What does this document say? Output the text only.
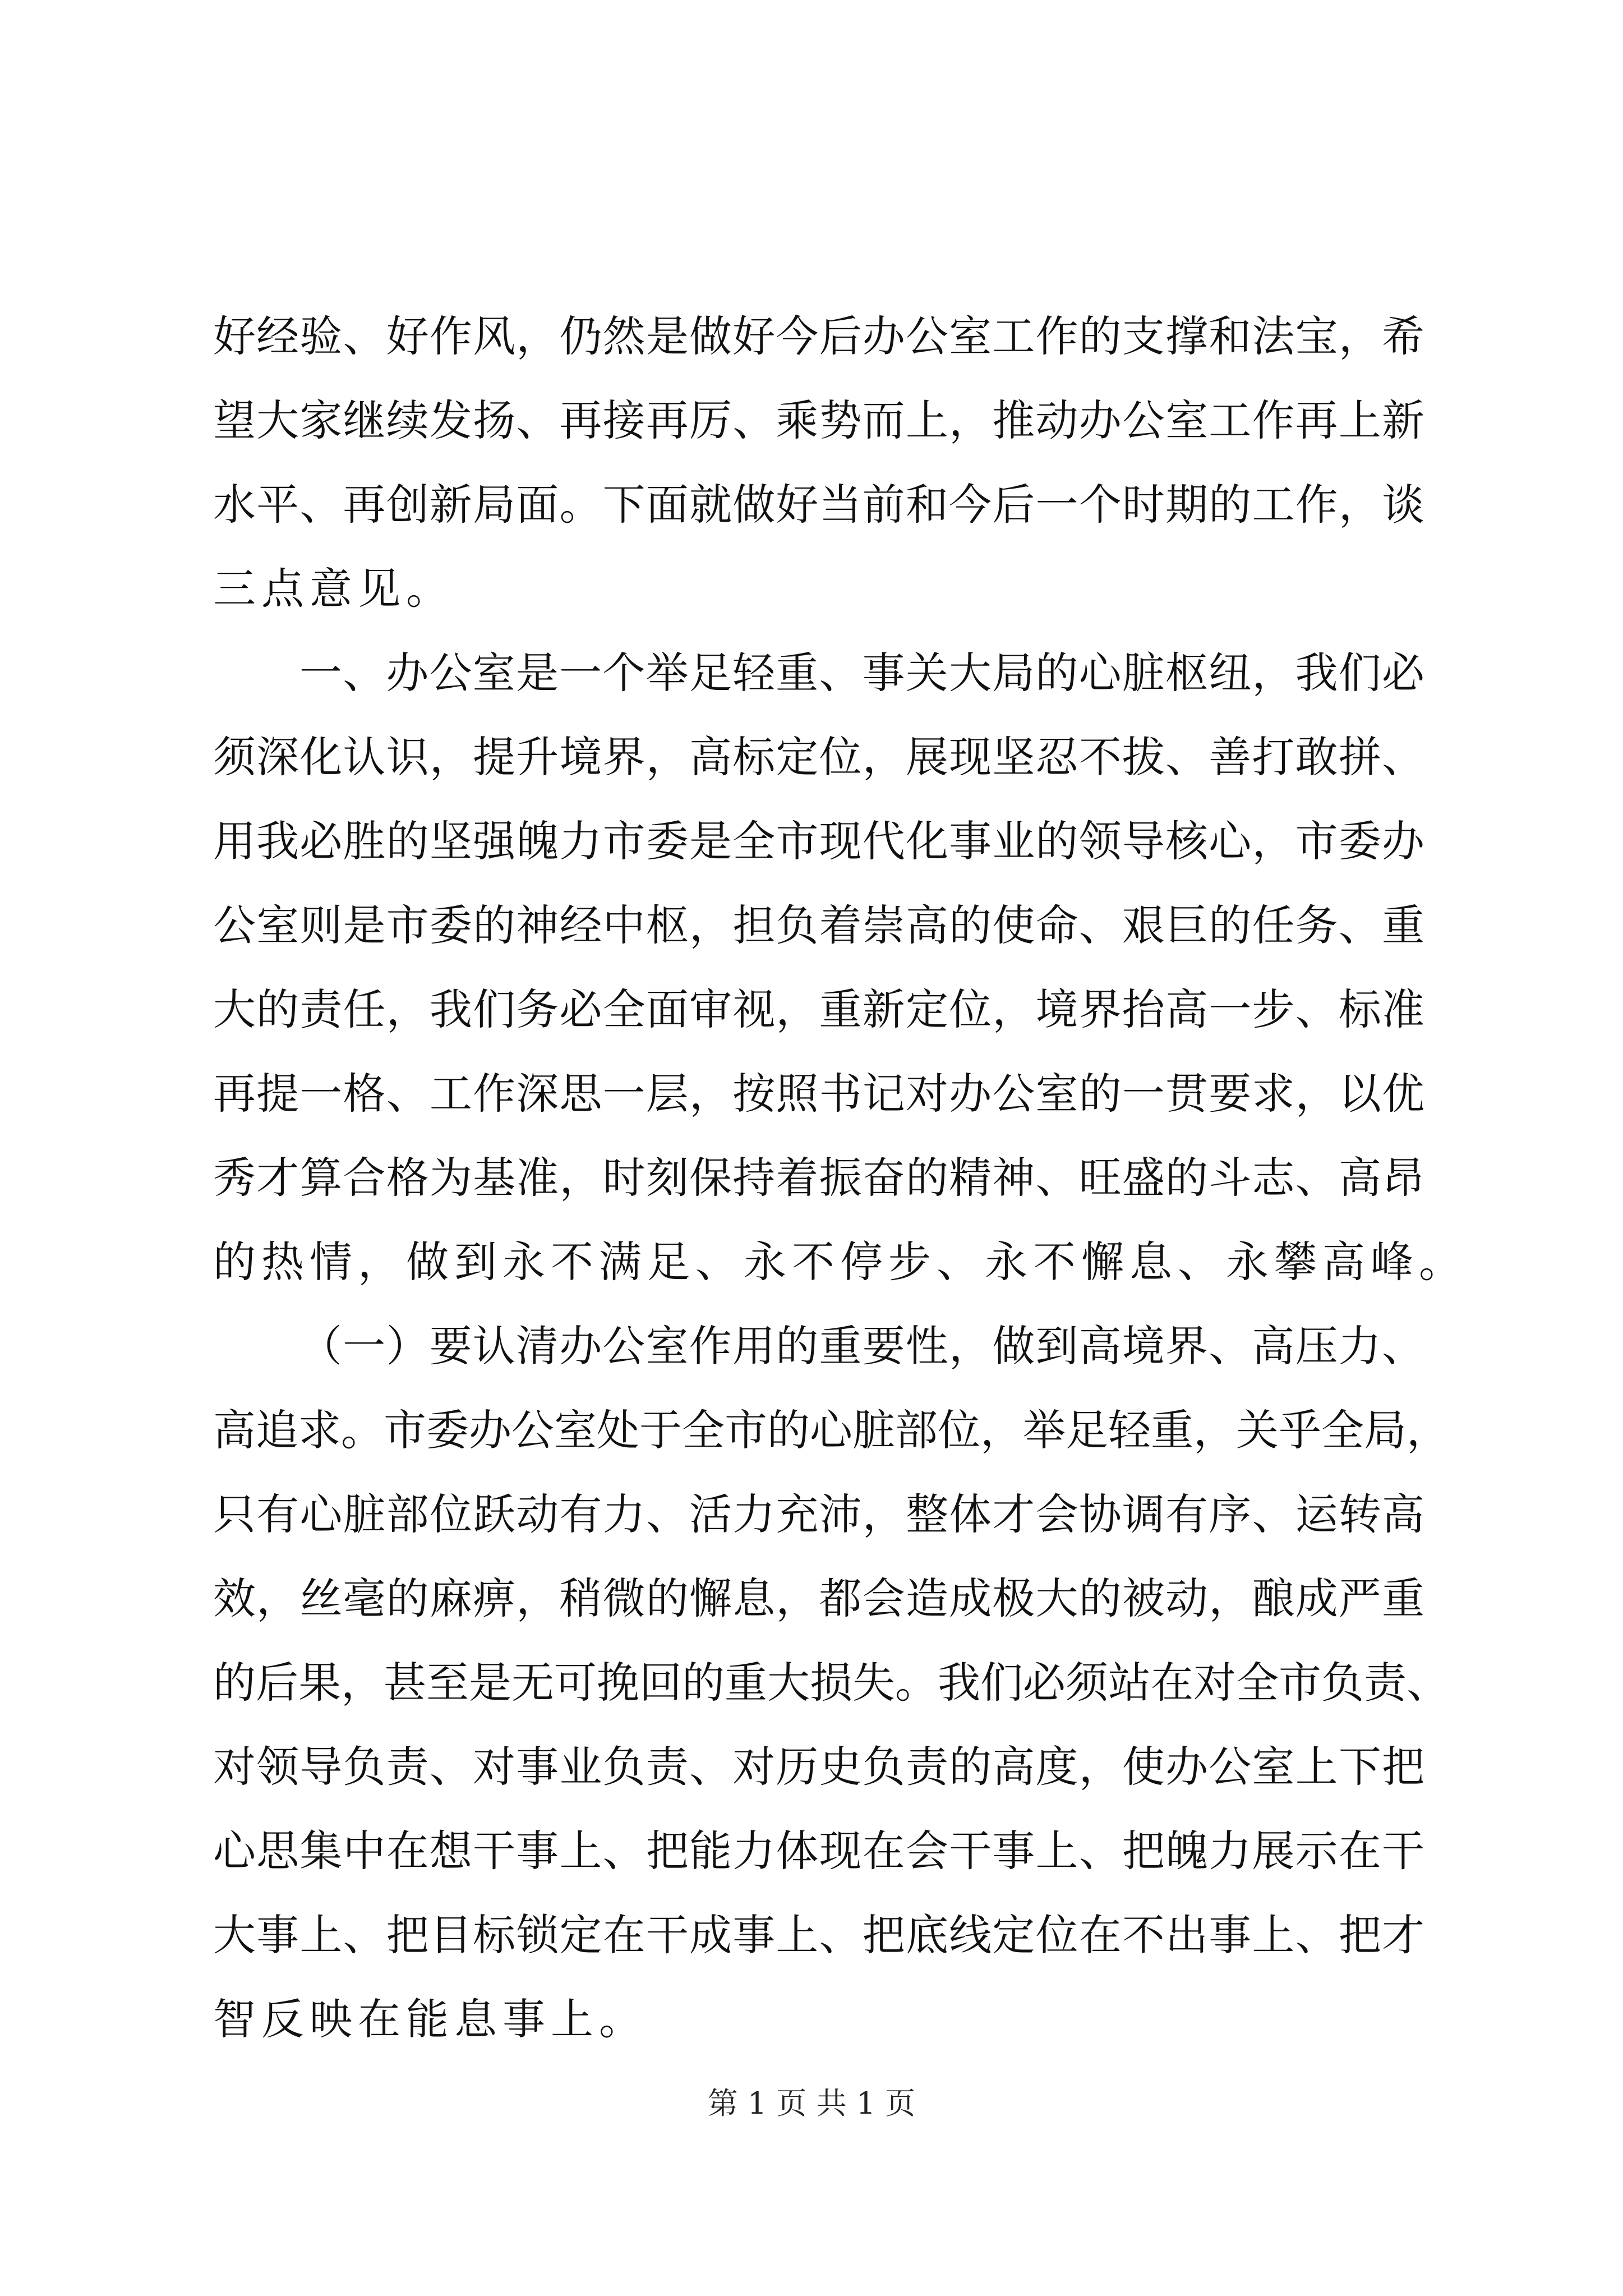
好经验、好作风，仍然是做好今后办公室工作的支撑和法宝，希
望大家继续发扬、再接再厉、乘势而上，推动办公室工作再上新
水平、再创新局面。下面就做好当前和今后一个时期的工作，谈
三点意见。
一、办公室是一个举足轻重、事关大局的心脏枢纽，我们必
须深化认识，提升境界，高标定位，展现坚忍不拔、善打敢拼、
用我必胜的坚强魄力市委是全市现代化事业的领导核心，市委办
公室则是市委的神经中枢，担负着崇高的使命、艰巨的任务、重
大的责任，我们务必全面审视，重新定位，境界抬高一步、标准
再提一格、工作深思一层，按照书记对办公室的一贯要求，以优
秀才算合格为基准，时刻保持着振奋的精神、旺盛的斗志、高昂
的热情，做到永不满足、永不停步、永不懈息、永攀高峰。
（一）要认清办公室作用的重要性，做到高境界、高压力、
高追求。市委办公室处于全市的心脏部位，举足轻重，关乎全局，
只有心脏部位跃动有力、活力充沛，整体才会协调有序、运转高
效，丝毫的麻痹，稍微的懈息，都会造成极大的被动，酿成严重
的后果，甚至是无可挽回的重大损失。我们必须站在对全市负责、
对领导负责、对事业负责、对历史负责的高度，使办公室上下把
心思集中在想干事上、把能力体现在会干事上、把魄力展示在干
大事上、把目标锁定在干成事上、把底线定位在不出事上、把才
智反映在能息事上。
第 1 页 共 1 页
